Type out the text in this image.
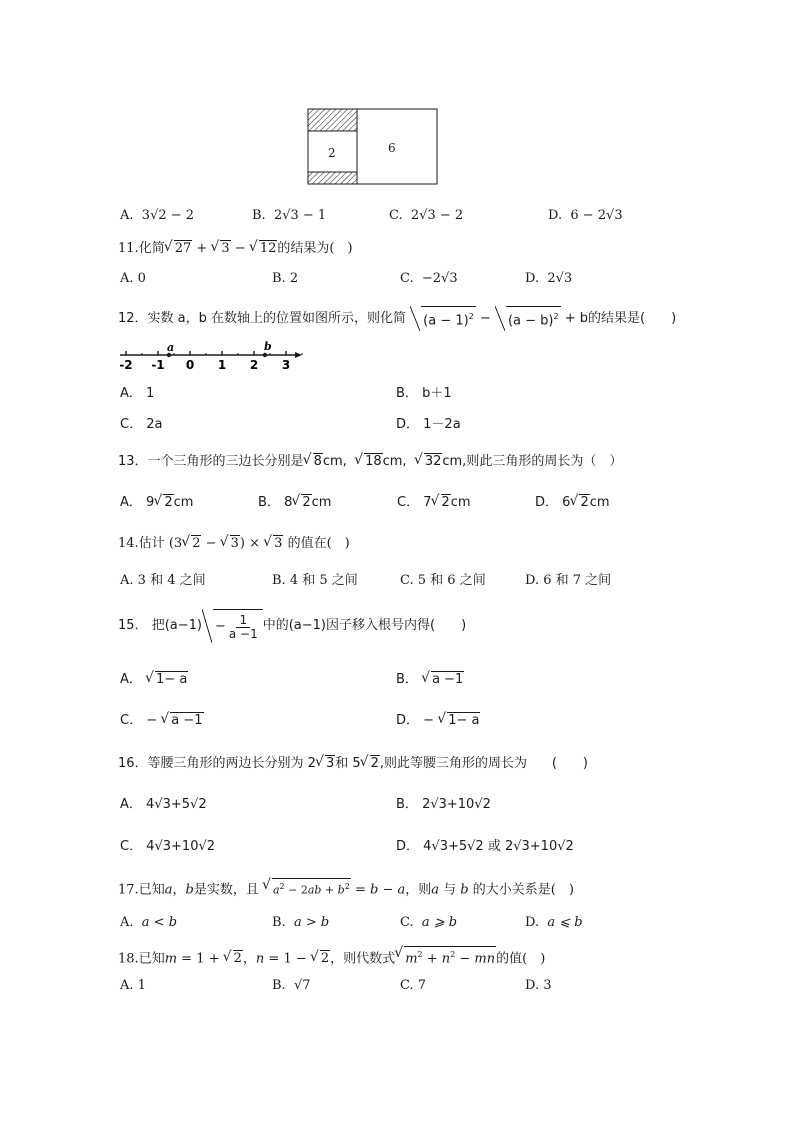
2	6
A. 3√2 − 2	B. 2√3 − 1	C. 2√3 − 2	D. 6 − 2√3
11.化简 √ 27 + √ 3 − √ 12的结果为(　)
A. 0	B. 2	C. −2√3	D. 2√3
12．实数 a，b 在数轴上的位置如图所示，则化简 $(a - 1)^2 - (a - b)^2 + b$的结果是(　　)
-2 -1 0 1 2 3
a	b
A． 1	B． b＋1
C． 2a	D． 1－2a
13．一个三角形的三边长分别是 √ 8cm,  √ 18cm,  √ 32cm,则此三角形的周长为（　）
A． 9 √ 2cm	B． 8 √ 2cm	C． 7 √ 2cm	D． 6 √ 2cm
14.估计 (3 √ 2 − √ 3) × √ 3 的值在(　)
A. 3 和 4 之间	B. 4 和 5 之间	C. 5 和 6 之间	D. 6 和 7 之间
15．
把(a−1)	− $\frac{1}{a -1}$ 中的(a−1)因子移入根号内得(　　)
A． √ 1− a	B． √ a −1
C． − √ a −1	D． − √ 1− a
16．等腰三角形的两边长分别为 2 √ 3和 5 √ 2,则此等腰三角形的周长为 (　　)
A． 4√3+5√2	B． 2√3+10√2
C． 4√3+10√2	D． 4√3+5√2 或 2√3+10√2
17.已知a，b是实数，且 √ $a^2 - 2ab + b^2 = b - a$，则a 与 b 的大小关系是(　)
A. a < b	B. a > b	C. a ⩾ b	D. a ⩽ b
18.已知m = 1 + √ 2，n = 1 − √ 2，则代数式 √ $m^2 + n^2$ − mn的值(　)
A. 1	B. √7	C. 7	D. 3
